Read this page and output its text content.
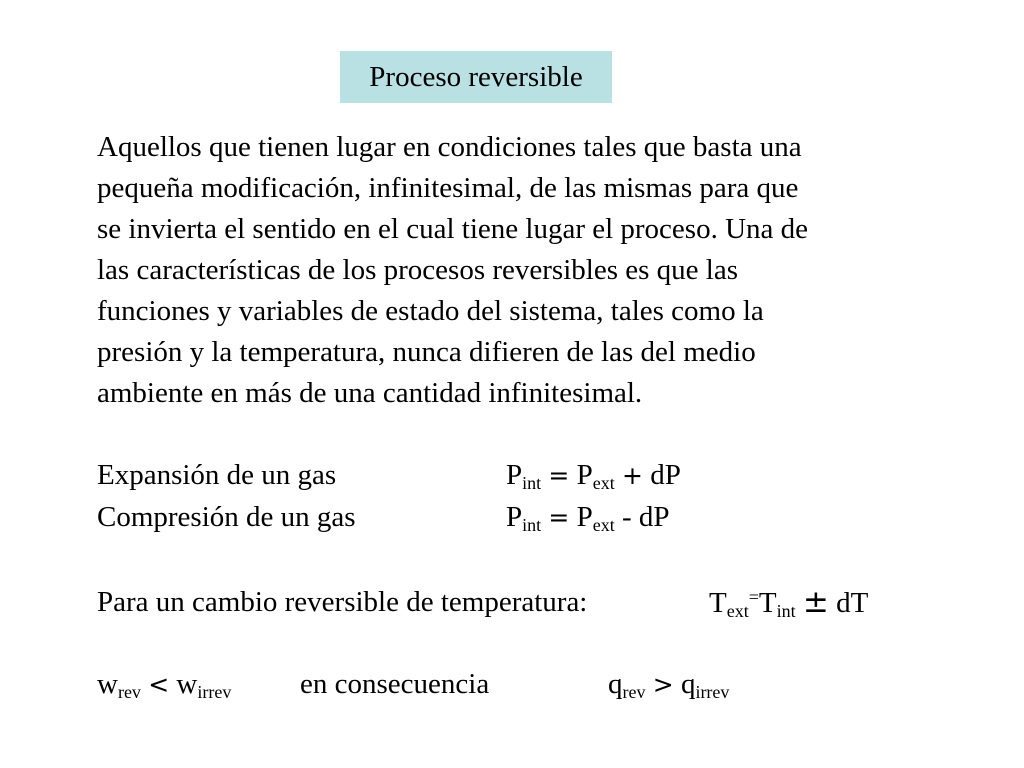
Proceso reversible
Aquellos que tienen lugar en condiciones tales que basta una
pequeña modificación, infinitesimal, de las mismas para que
se invierta el sentido en el cual tiene lugar el proceso. Una de
las características de los procesos reversibles es que las
funciones y variables de estado del sistema, tales como la
presión y la temperatura, nunca difieren de las del medio
ambiente en más de una cantidad infinitesimal.
Expansión de un gas	$P_{int} = P_{ext}$ + dP
Compresión de un gas	$P_{int} = P_{ext}$ - dP
Para un cambio reversible de temperatura:	$T_{ext}^=T_{int}$ ± dT
$w_{rev} < w_{irrev}$ en consecuencia	$q_{rev} > q_{irrev}$
